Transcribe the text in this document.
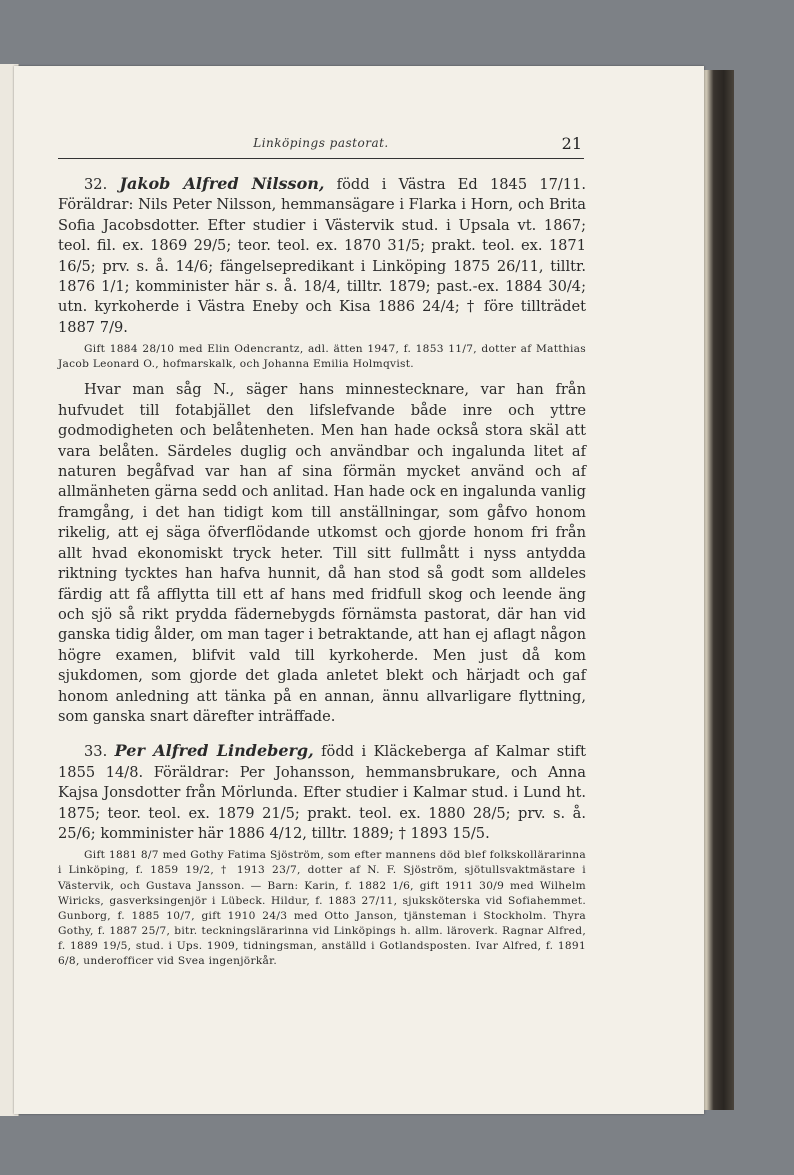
Linköpings pastorat.	21

32. Jakob Alfred Nilsson, född i Västra Ed 1845 17/11. Föräldrar: Nils Peter Nilsson, hemmansägare i Flarka i Horn, och Brita Sofia Jacobsdotter. Efter studier i Västervik stud. i Upsala vt. 1867; teol. fil. ex. 1869 29/5; teor. teol. ex. 1870 31/5; prakt. teol. ex. 1871 16/5; prv. s. å. 14/6; fängelsepredikant i Linköping 1875 26/11, tilltr. 1876 1/1; komminister här s. å. 18/4, tilltr. 1879; past.-ex. 1884 30/4; utn. kyrkoherde i Västra Eneby och Kisa 1886 24/4; † före tillträdet 1887 7/9.

Gift 1884 28/10 med Elin Odencrantz, adl. ätten 1947, f. 1853 11/7, dotter af Matthias Jacob Leonard O., hofmarskalk, och Johanna Emilia Holmqvist.

Hvar man såg N., säger hans minnestecknare, var han från hufvudet till fotabjället den lifslefvande både inre och yttre godmodigheten och belåtenheten. Men han hade också stora skäl att vara belåten. Särdeles duglig och användbar och ingalunda litet af naturen begåfvad var han af sina förmän mycket använd och af allmänheten gärna sedd och anlitad. Han hade ock en ingalunda vanlig framgång, i det han tidigt kom till anställningar, som gåfvo honom rikelig, att ej säga öfverflödande utkomst och gjorde honom fri från allt hvad ekonomiskt tryck heter. Till sitt fullmått i nyss antydda riktning tycktes han hafva hunnit, då han stod så godt som alldeles färdig att få afflytta till ett af hans med fridfull skog och leende äng och sjö så rikt prydda fädernebygds förnämsta pastorat, där han vid ganska tidig ålder, om man tager i betraktande, att han ej aflagt någon högre examen, blifvit vald till kyrkoherde. Men just då kom sjukdomen, som gjorde det glada anletet blekt och härjadt och gaf honom anledning att tänka på en annan, ännu allvarligare flyttning, som ganska snart därefter inträffade.

33. Per Alfred Lindeberg, född i Kläckeberga af Kalmar stift 1855 14/8. Föräldrar: Per Johansson, hemmansbrukare, och Anna Kajsa Jonsdotter från Mörlunda. Efter studier i Kalmar stud. i Lund ht. 1875; teor. teol. ex. 1879 21/5; prakt. teol. ex. 1880 28/5; prv. s. å. 25/6; komminister här 1886 4/12, tilltr. 1889; † 1893 15/5.

Gift 1881 8/7 med Gothy Fatima Sjöström, som efter mannens död blef folkskollärarinna i Linköping, f. 1859 19/2, † 1913 23/7, dotter af N. F. Sjöström, sjötullsvaktmästare i Västervik, och Gustava Jansson. — Barn: Karin, f. 1882 1/6, gift 1911 30/9 med Wilhelm Wiricks, gasverksingenjör i Lübeck. Hildur, f. 1883 27/11, sjuksköterska vid Sofiahemmet. Gunborg, f. 1885 10/7, gift 1910 24/3 med Otto Janson, tjänsteman i Stockholm. Thyra Gothy, f. 1887 25/7, bitr. teckningslärarinna vid Linköpings h. allm. läroverk. Ragnar Alfred, f. 1889 19/5, stud. i Ups. 1909, tidningsman, anställd i Gotlandsposten. Ivar Alfred, f. 1891 6/8, underofficer vid Svea ingenjörkår.
